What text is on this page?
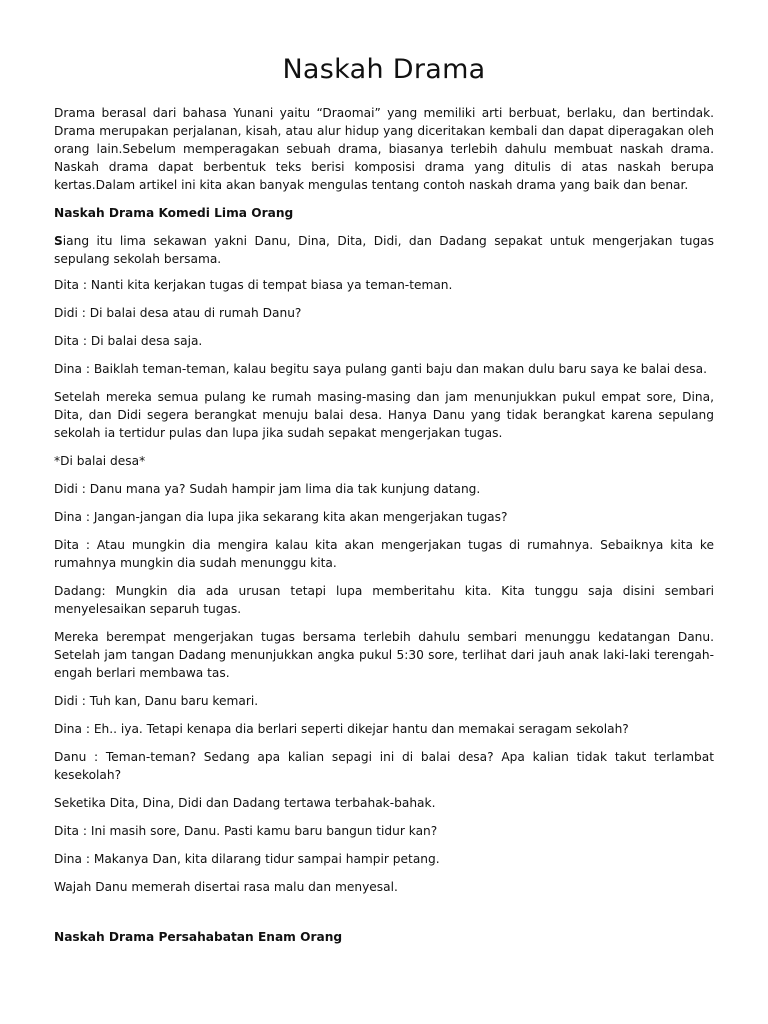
Naskah Drama

Drama berasal dari bahasa Yunani yaitu “Draomai” yang memiliki arti berbuat, berlaku, dan bertindak. Drama merupakan perjalanan, kisah, atau alur hidup yang diceritakan kembali dan dapat diperagakan oleh orang lain.Sebelum memperagakan sebuah drama, biasanya terlebih dahulu membuat naskah drama. Naskah drama dapat berbentuk teks berisi komposisi drama yang ditulis di atas naskah berupa kertas.Dalam artikel ini kita akan banyak mengulas tentang contoh naskah drama yang baik dan benar.

Naskah Drama Komedi Lima Orang

Siang itu lima sekawan yakni Danu, Dina, Dita, Didi, dan Dadang sepakat untuk mengerjakan tugas sepulang sekolah bersama.

Dita : Nanti kita kerjakan tugas di tempat biasa ya teman-teman.

Didi : Di balai desa atau di rumah Danu?

Dita : Di balai desa saja.

Dina : Baiklah teman-teman, kalau begitu saya pulang ganti baju dan makan dulu baru saya ke balai desa.

Setelah mereka semua pulang ke rumah masing-masing dan jam menunjukkan pukul empat sore, Dina, Dita, dan Didi segera berangkat menuju balai desa. Hanya Danu yang tidak berangkat karena sepulang sekolah ia tertidur pulas dan lupa jika sudah sepakat mengerjakan tugas.

*Di balai desa*

Didi : Danu mana ya? Sudah hampir jam lima dia tak kunjung datang.

Dina : Jangan-jangan dia lupa jika sekarang kita akan mengerjakan tugas?

Dita : Atau mungkin dia mengira kalau kita akan mengerjakan tugas di rumahnya. Sebaiknya kita ke rumahnya mungkin dia sudah menunggu kita.

Dadang: Mungkin dia ada urusan tetapi lupa memberitahu kita. Kita tunggu saja disini sembari menyelesaikan separuh tugas.

Mereka berempat mengerjakan tugas bersama terlebih dahulu sembari menunggu kedatangan Danu. Setelah jam tangan Dadang menunjukkan angka pukul 5:30 sore, terlihat dari jauh anak laki-laki terengah-engah berlari membawa tas.

Didi : Tuh kan, Danu baru kemari.

Dina : Eh.. iya. Tetapi kenapa dia berlari seperti dikejar hantu dan memakai seragam sekolah?

Danu : Teman-teman? Sedang apa kalian sepagi ini di balai desa? Apa kalian tidak takut terlambat kesekolah?

Seketika Dita, Dina, Didi dan Dadang tertawa terbahak-bahak.

Dita : Ini masih sore, Danu. Pasti kamu baru bangun tidur kan?

Dina : Makanya Dan, kita dilarang tidur sampai hampir petang.

Wajah Danu memerah disertai rasa malu dan menyesal.

Naskah Drama Persahabatan Enam Orang
